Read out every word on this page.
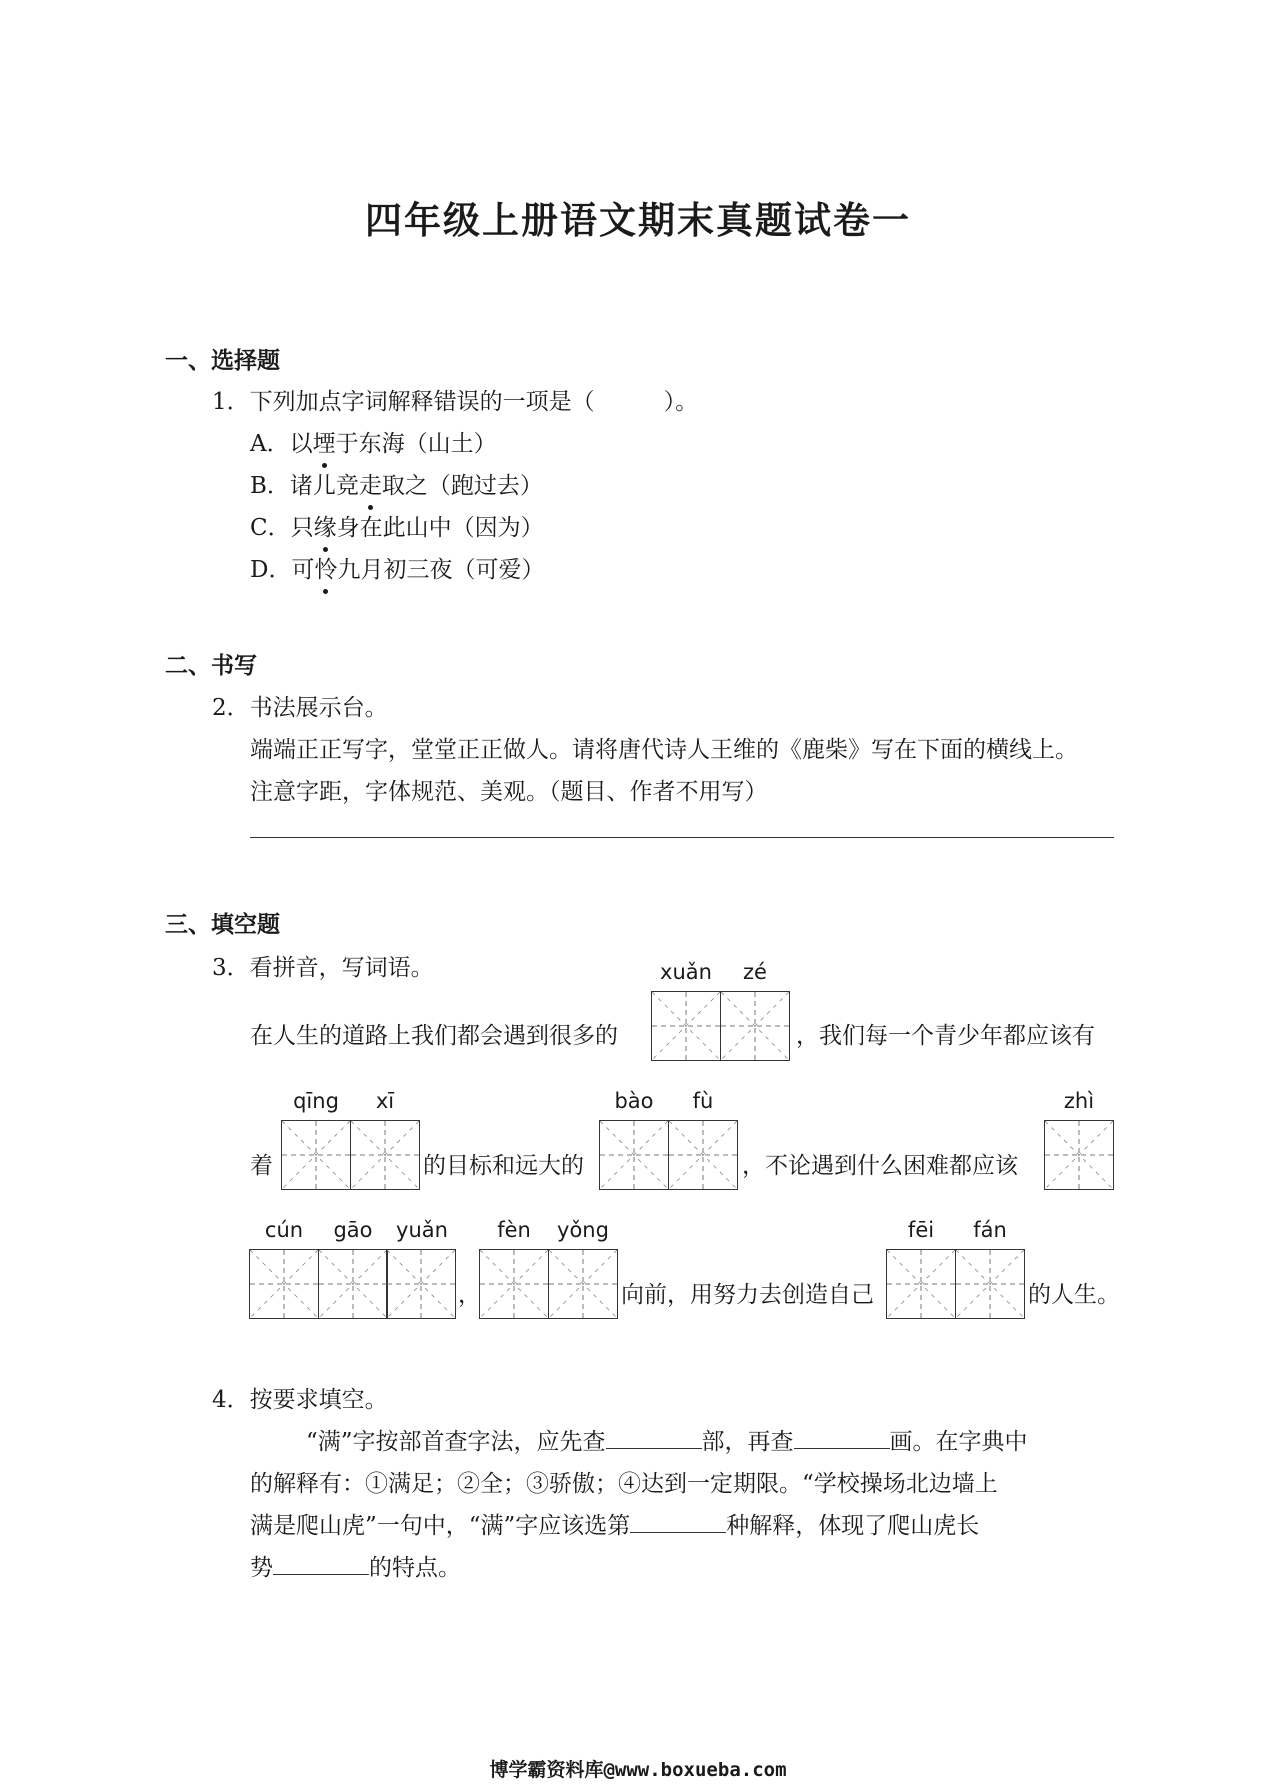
四年级上册语文期末真题试卷一
一、选择题
1．下列加点字词解释错误的一项是（　　　）。
A．以堙于东海（山土）
B．诸儿竞走取之（跑过去）
C．只缘身在此山中（因为）
D．可怜九月初三夜（可爱）
二、书写
2．书法展示台。
端端正正写字，堂堂正正做人。请将唐代诗人王维的《鹿柴》写在下面的横线上。
注意字距，字体规范、美观。（题目、作者不用写）
三、填空题
3．看拼音，写词语。
在人生的道路上我们都会遇到很多的
xuǎn	zé
，我们每一个青少年都应该有
着
qīng	xī
的目标和远大的
bào	fù
，不论遇到什么困难都应该
zhì
cún	gāo	yuǎn
，
fèn	yǒng
向前，用努力去创造自己
fēi	fán
的人生。
4．按要求填空。
“满”字按部首查字法，应先查	部，再查	画。在字典中
的解释有：①满足；②全；③骄傲；④达到一定期限。“学校操场北边墙上
满是爬山虎”一句中，“满”字应该选第	种解释，体现了爬山虎长
势	的特点。
博学霸资料库@www.boxueba.com
